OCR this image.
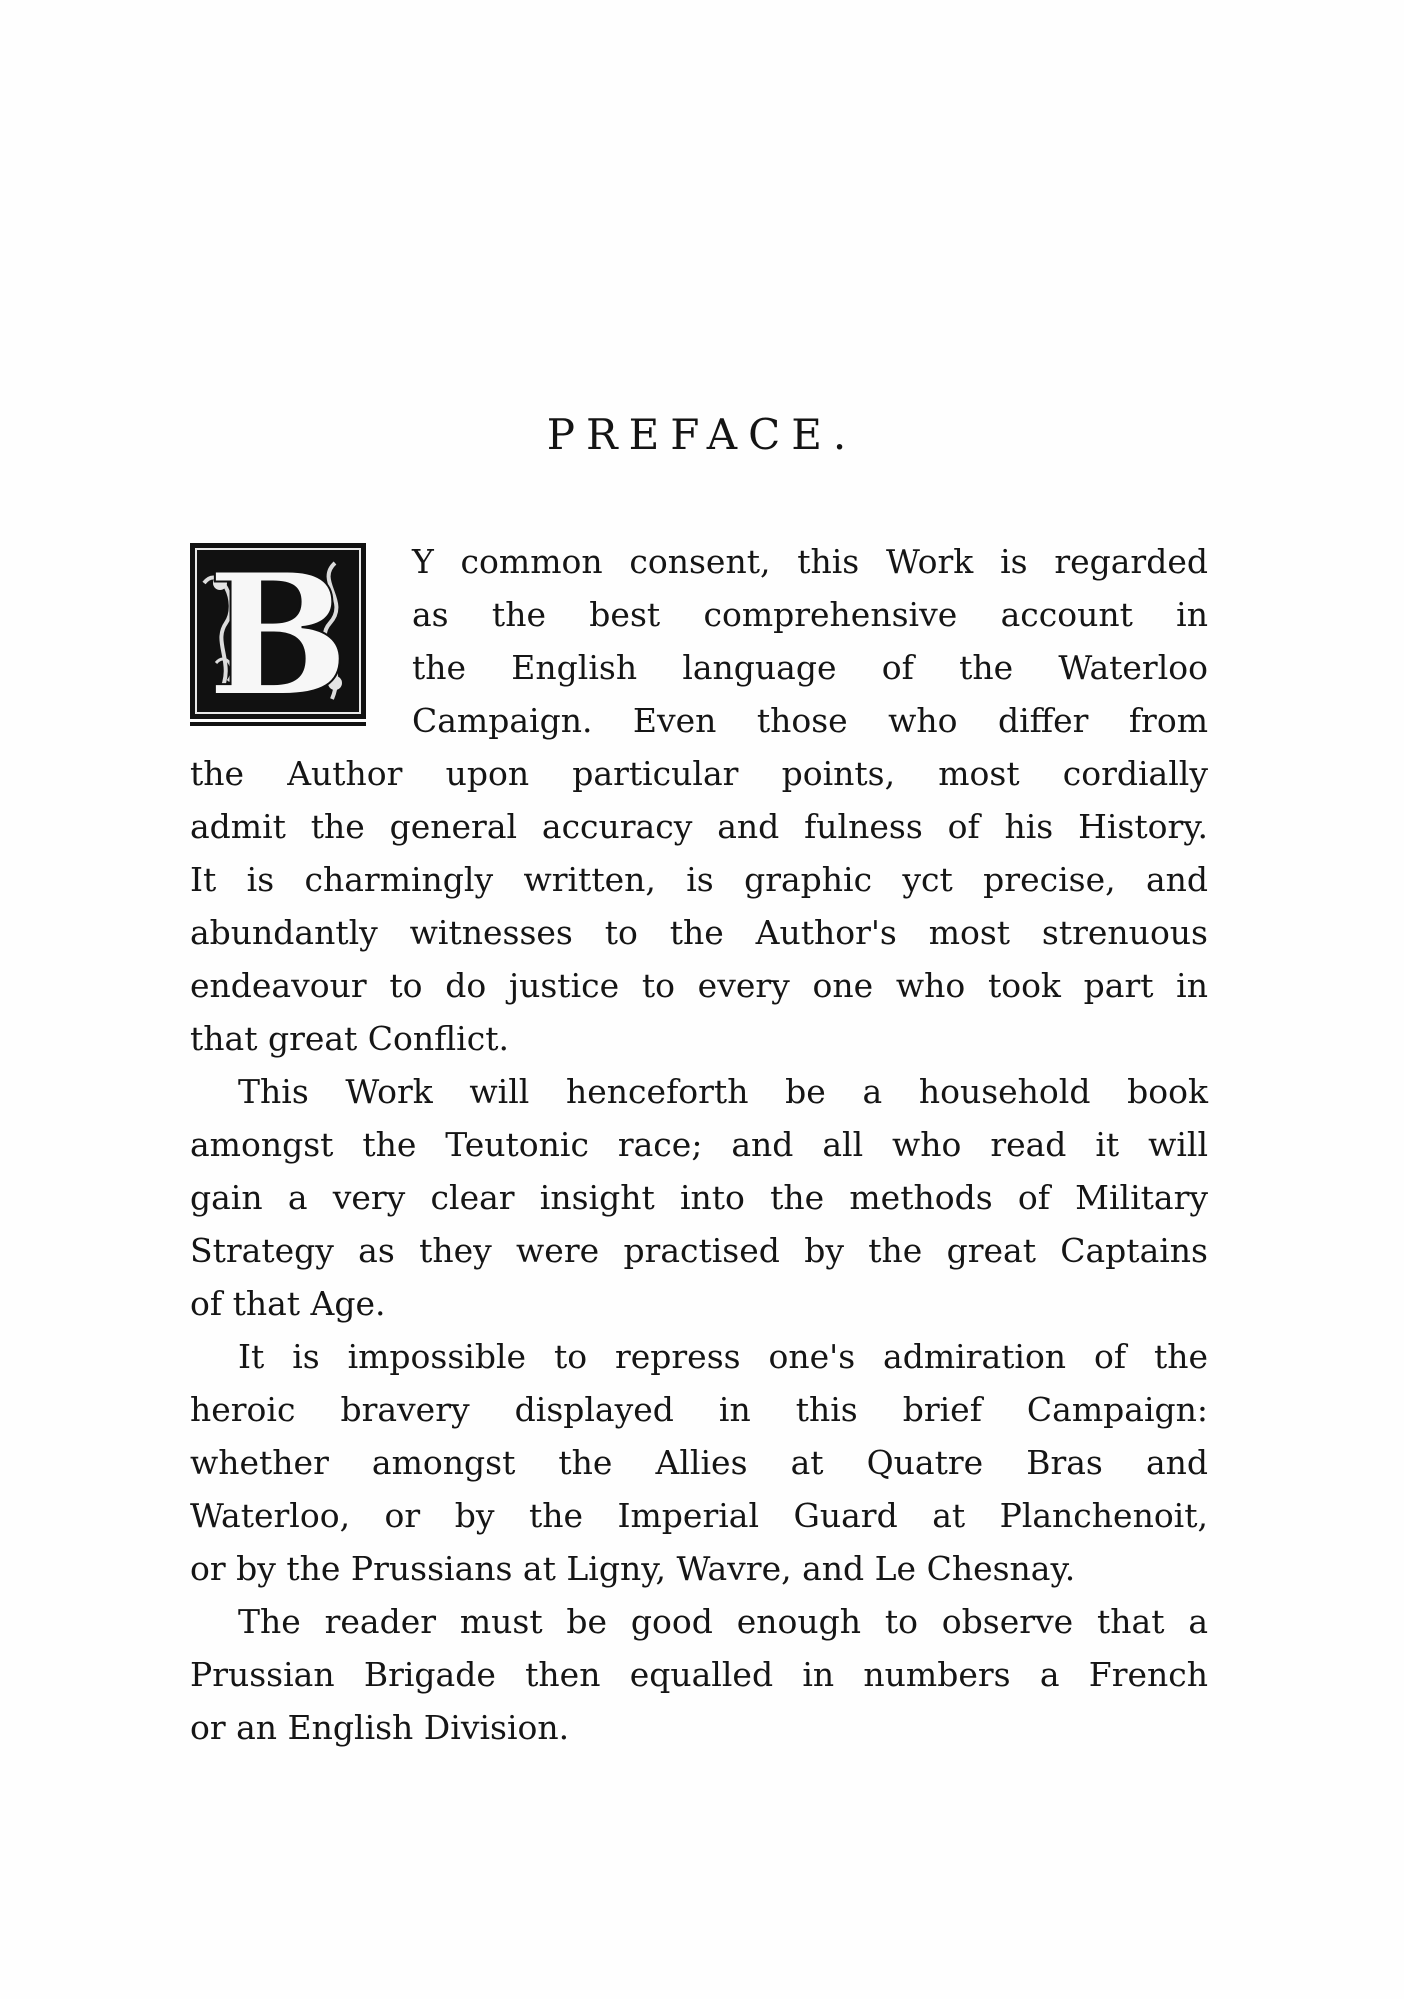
PREFACE.
B	Y common consent, this Work is regarded
as the best comprehensive account in
the English language of the Waterloo
Campaign. Even those who differ from
the Author upon particular points, most cordially
admit the general accuracy and fulness of his History.
It is charmingly written, is graphic yct precise, and
abundantly witnesses to the Author's most strenuous
endeavour to do justice to every one who took part in
that great Conflict.
This Work will henceforth be a household book
amongst the Teutonic race; and all who read it will
gain a very clear insight into the methods of Military
Strategy as they were practised by the great Captains
of that Age.
It is impossible to repress one's admiration of the
heroic bravery displayed in this brief Campaign:
whether amongst the Allies at Quatre Bras and
Waterloo, or by the Imperial Guard at Planchenoit,
or by the Prussians at Ligny, Wavre, and Le Chesnay.
The reader must be good enough to observe that a
Prussian Brigade then equalled in numbers a French
or an English Division.
